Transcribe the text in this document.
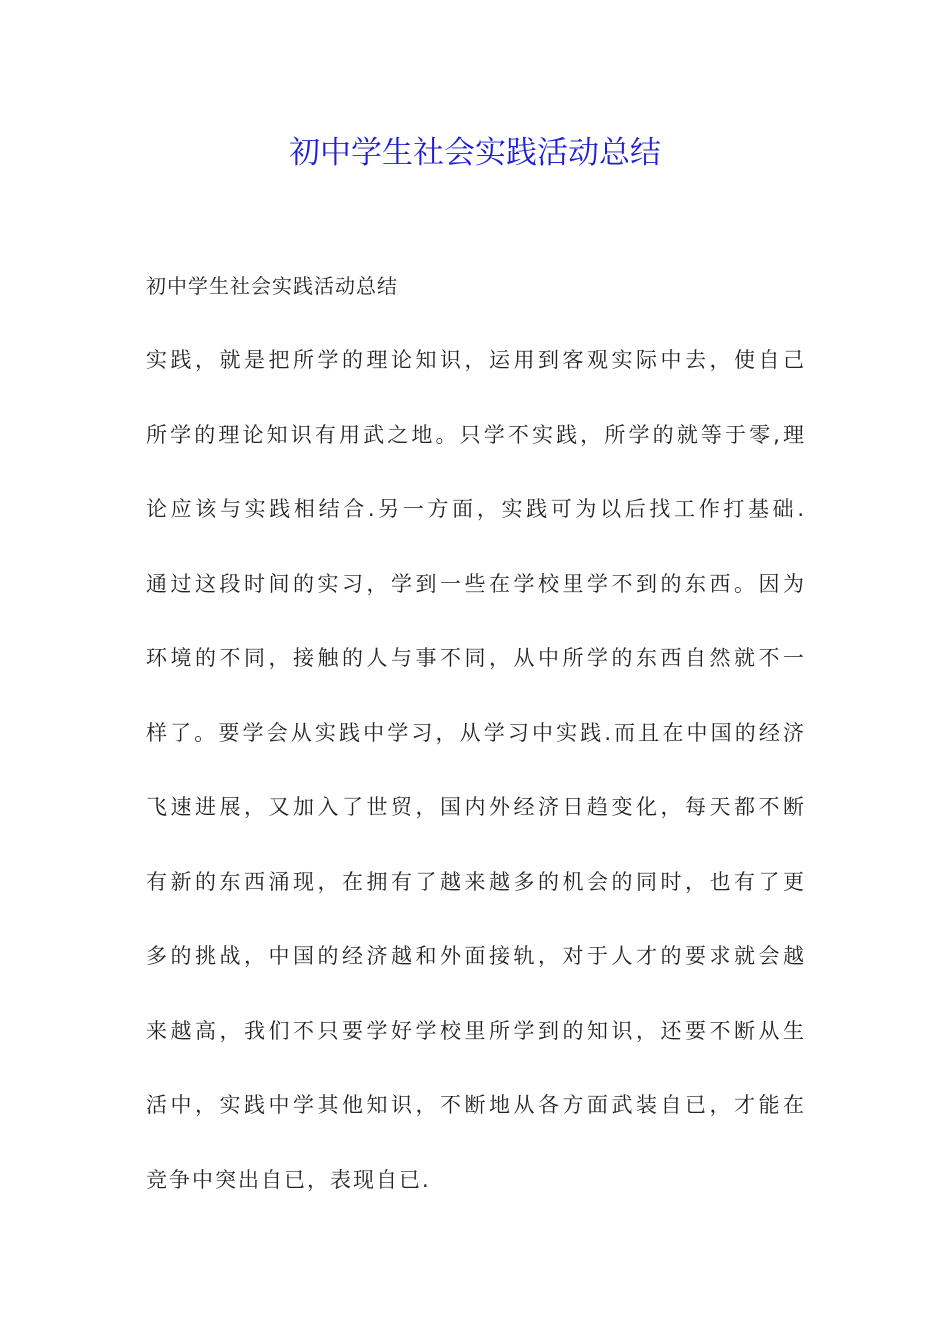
初中学生社会实践活动总结
初中学生社会实践活动总结
实践，就是把所学的理论知识，运用到客观实际中去，使自己
所学的理论知识有用武之地。只学不实践，所学的就等于零,理
论应该与实践相结合.另一方面，实践可为以后找工作打基础.
通过这段时间的实习，学到一些在学校里学不到的东西。因为
环境的不同，接触的人与事不同，从中所学的东西自然就不一
样了。要学会从实践中学习，从学习中实践.而且在中国的经济
飞速进展，又加入了世贸，国内外经济日趋变化，每天都不断
有新的东西涌现，在拥有了越来越多的机会的同时，也有了更
多的挑战，中国的经济越和外面接轨，对于人才的要求就会越
来越高，我们不只要学好学校里所学到的知识，还要不断从生
活中，实践中学其他知识，不断地从各方面武装自已，才能在
竞争中突出自已，表现自已.
